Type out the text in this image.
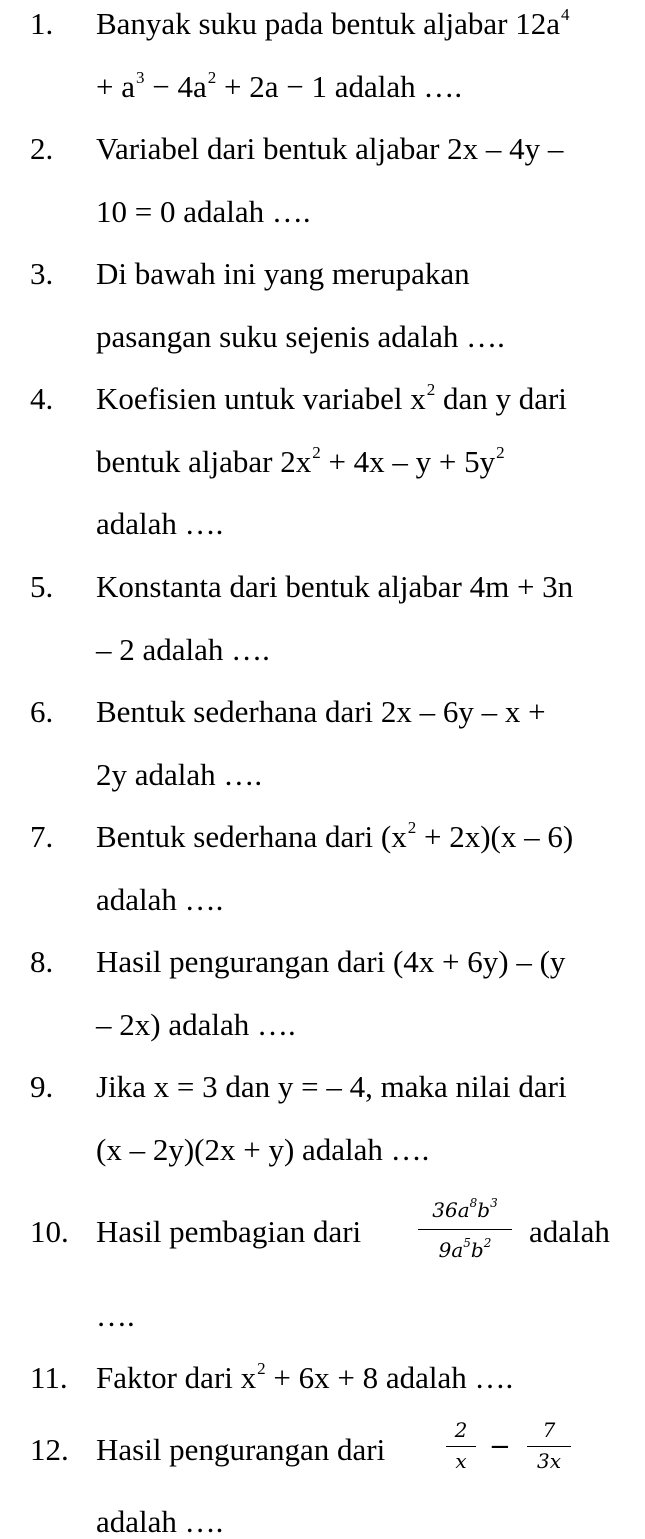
1. Banyak suku pada bentuk aljabar $12a^4$
+ $a^3 - 4a^2 + 2a - 1$ adalah ….
2. Variabel dari bentuk aljabar 2x – 4y –
10 = 0 adalah ….
3. Di bawah ini yang merupakan
pasangan suku sejenis adalah ….
4. Koefisien untuk variabel $x^2$ dan y dari
bentuk aljabar $2x^2 + 4x - y + 5y^2$
adalah ….
5. Konstanta dari bentuk aljabar 4m + 3n
– 2 adalah ….
6. Bentuk sederhana dari 2x – 6y – x +
2y adalah ….
7. Bentuk sederhana dari $(x^2 + 2x)(x - 6)$
adalah ….
8. Hasil pengurangan dari (4x + 6y) – (y
– 2x) adalah ….
9. Jika x = 3 dan y = – 4, maka nilai dari
(x – 2y)(2x + y) adalah ….
10. Hasil pembagian dari
$36a^8b^3$
$9a^5b^2$	adalah
….
11. Faktor dari $x^2 + 6x + 8$ adalah ….
12. Hasil pengurangan dari
2
x −
7
3x
adalah ….
